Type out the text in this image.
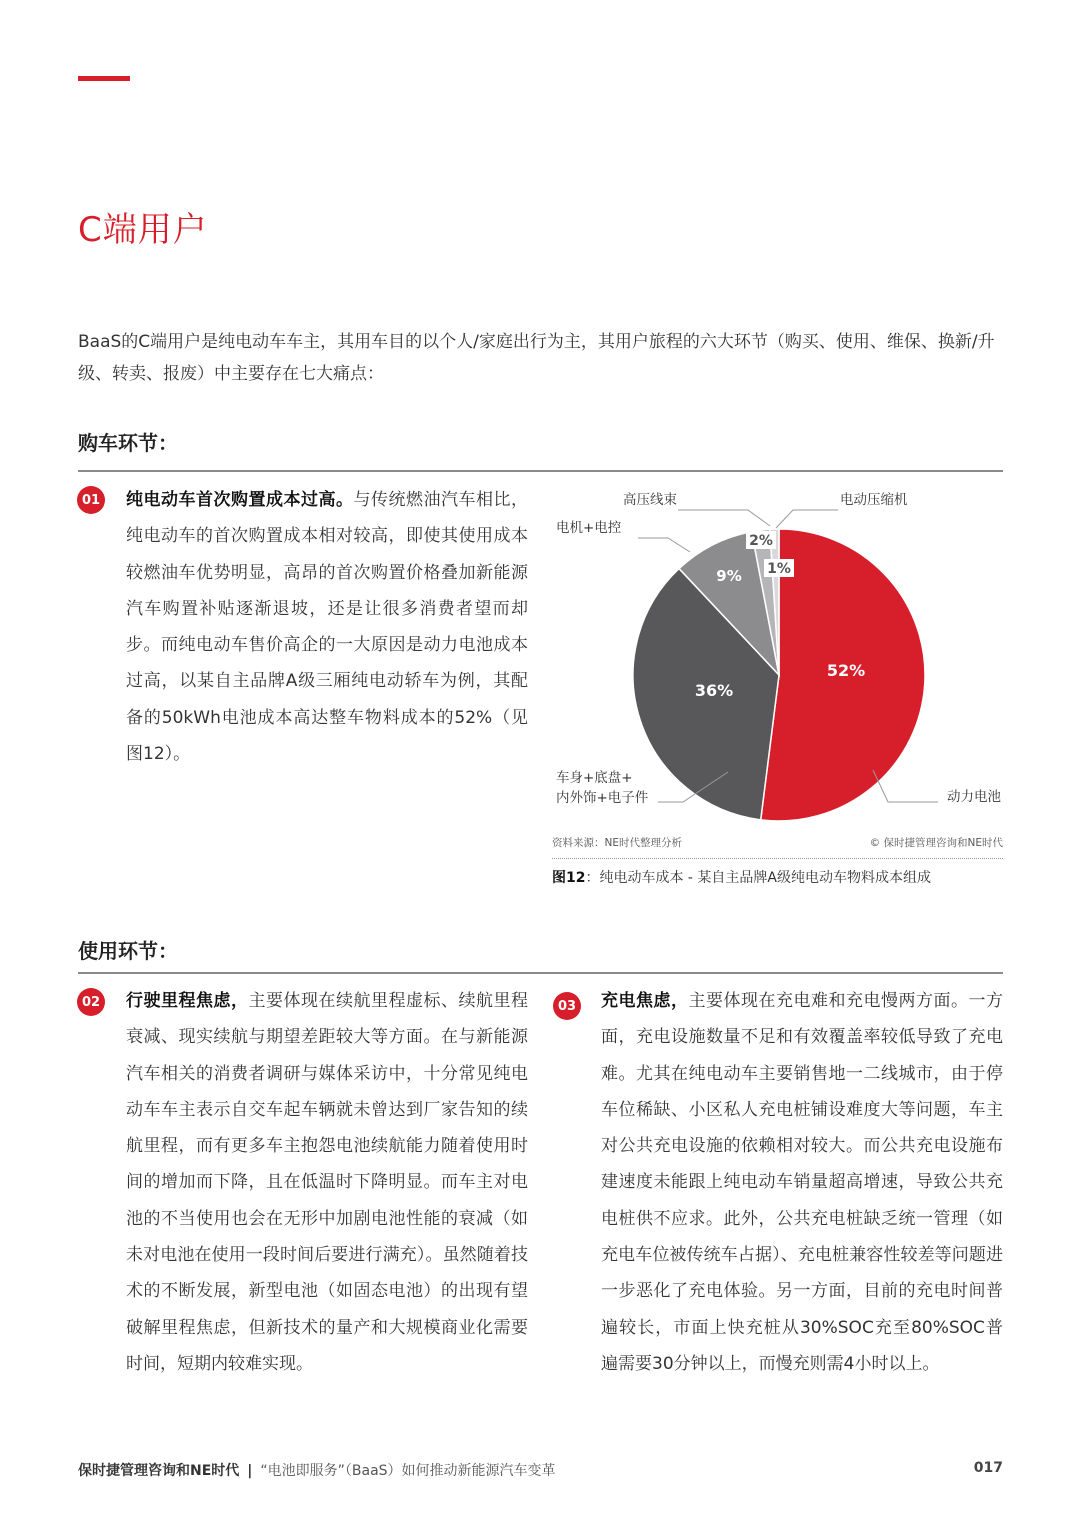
C端用户

BaaS的C端用户是纯电动车车主，其用车目的以个人/家庭出行为主，其用户旅程的六大环节（购买、使用、维保、换新/升级、转卖、报废）中主要存在七大痛点：

购车环节：
01 纯电动车首次购置成本过高。与传统燃油汽车相比，纯电动车的首次购置成本相对较高，即使其使用成本较燃油车优势明显，高昂的首次购置价格叠加新能源汽车购置补贴逐渐退坡，还是让很多消费者望而却步。而纯电动车售价高企的一大原因是动力电池成本过高，以某自主品牌A级三厢纯电动轿车为例，其配备的50kWh电池成本高达整车物料成本的52%（见图12）。

52%
36%
9%
2%
1%
动力电池
车身+底盘+
内外饰+电子件
电机+电控
高压线束	电动压缩机
资料来源：NE时代整理分析	© 保时捷管理咨询和NE时代
图12：纯电动车成本 - 某自主品牌A级纯电动车物料成本组成
使用环节：
02 行驶里程焦虑，主要体现在续航里程虚标、续航里程衰减、现实续航与期望差距较大等方面。在与新能源汽车相关的消费者调研与媒体采访中，十分常见纯电动车车主表示自交车起车辆就未曾达到厂家告知的续航里程，而有更多车主抱怨电池续航能力随着使用时间的增加而下降，且在低温时下降明显。而车主对电池的不当使用也会在无形中加剧电池性能的衰减（如未对电池在使用一段时间后要进行满充）。虽然随着技术的不断发展，新型电池（如固态电池）的出现有望破解里程焦虑，但新技术的量产和大规模商业化需要时间，短期内较难实现。

03 充电焦虑，主要体现在充电难和充电慢两方面。一方面，充电设施数量不足和有效覆盖率较低导致了充电难。尤其在纯电动车主要销售地一二线城市，由于停车位稀缺、小区私人充电桩铺设难度大等问题，车主对公共充电设施的依赖相对较大。而公共充电设施布建速度未能跟上纯电动车销量超高增速，导致公共充电桩供不应求。此外，公共充电桩缺乏统一管理（如充电车位被传统车占据）、充电桩兼容性较差等问题进一步恶化了充电体验。另一方面，目前的充电时间普遍较长，市面上快充桩从30%SOC充至80%SOC普遍需要30分钟以上，而慢充则需4小时以上。

保时捷管理咨询和NE时代 | “电池即服务”（BaaS）如何推动新能源汽车变革	017
